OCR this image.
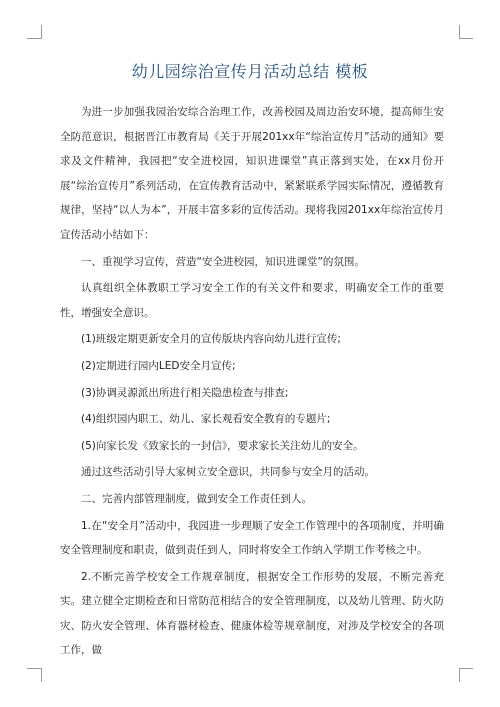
幼儿园综治宣传月活动总结 模板

为进一步加强我园治安综合治理工作，改善校园及周边治安环境，提高师生安全防范意识，根据晋江市教育局《关于开展201xx年“综治宣传月”活动的通知》要求及文件精神，我园把“安全进校园，知识进课堂”真正落到实处，在xx月份开展“综治宣传月”系列活动，在宣传教育活动中，紧紧联系学园实际情况，遵循教育规律，坚持“以人为本”，开展丰富多彩的宣传活动。现将我园201xx年综治宣传月宣传活动小结如下：

一、重视学习宣传，营造“安全进校园，知识进课堂”的氛围。

认真组织全体教职工学习安全工作的有关文件和要求，明确安全工作的重要性，增强安全意识。

(1)班级定期更新安全月的宣传版块内容向幼儿进行宣传;

(2)定期进行园内LED安全月宣传;

(3)协调灵源派出所进行相关隐患检查与排查;

(4)组织园内职工、幼儿、家长观看安全教育的专题片;

(5)向家长发《致家长的一封信》，要求家长关注幼儿的安全。

通过这些活动引导大家树立安全意识，共同参与安全月的活动。

二、完善内部管理制度，做到安全工作责任到人。

1.在“安全月”活动中，我园进一步理顺了安全工作管理中的各项制度，并明确安全管理制度和职责，做到责任到人，同时将安全工作纳入学期工作考核之中。

2.不断完善学校安全工作规章制度，根据安全工作形势的发展，不断完善充实。建立健全定期检查和日常防范相结合的安全管理制度，以及幼儿管理、防火防灾、防火安全管理、体育器材检查、健康体检等规章制度，对涉及学校安全的各项工作，做
